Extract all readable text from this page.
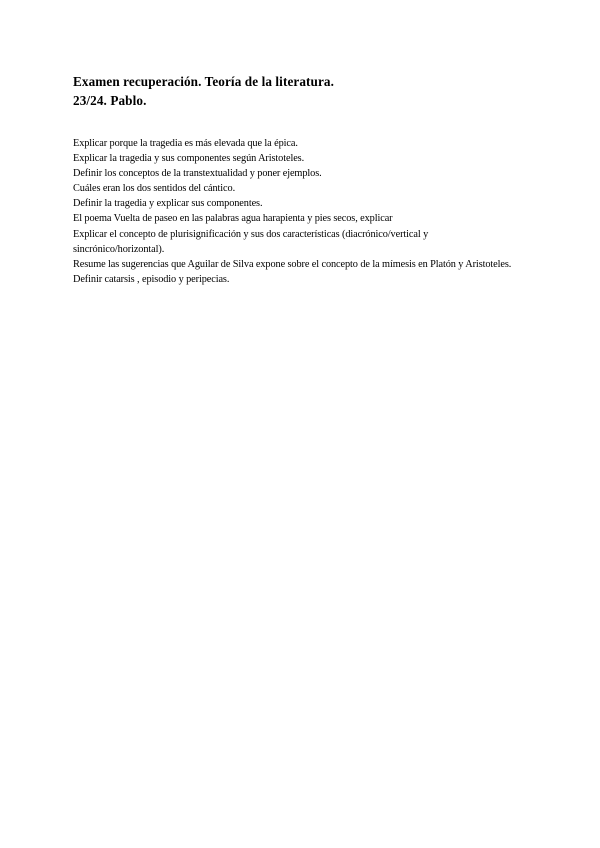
Examen recuperación. Teoría de la literatura.
23/24. Pablo.
Explicar porque la tragedia es más elevada que la épica.
Explicar la tragedia y sus componentes según Aristoteles.
Definir los conceptos de la transtextualidad y poner ejemplos.
Cuáles eran los dos sentidos del cántico.
Definir la tragedia y explicar sus componentes.
El poema Vuelta de paseo en las palabras agua harapienta y pies secos, explicar
Explicar el concepto de plurisignificación y sus dos características (diacrónico/vertical y sincrónico/horizontal).
Resume las sugerencias que Aguilar de Silva expone sobre el concepto de la mímesis en Platón y Aristoteles.
Definir catarsis , episodio y peripecias.
